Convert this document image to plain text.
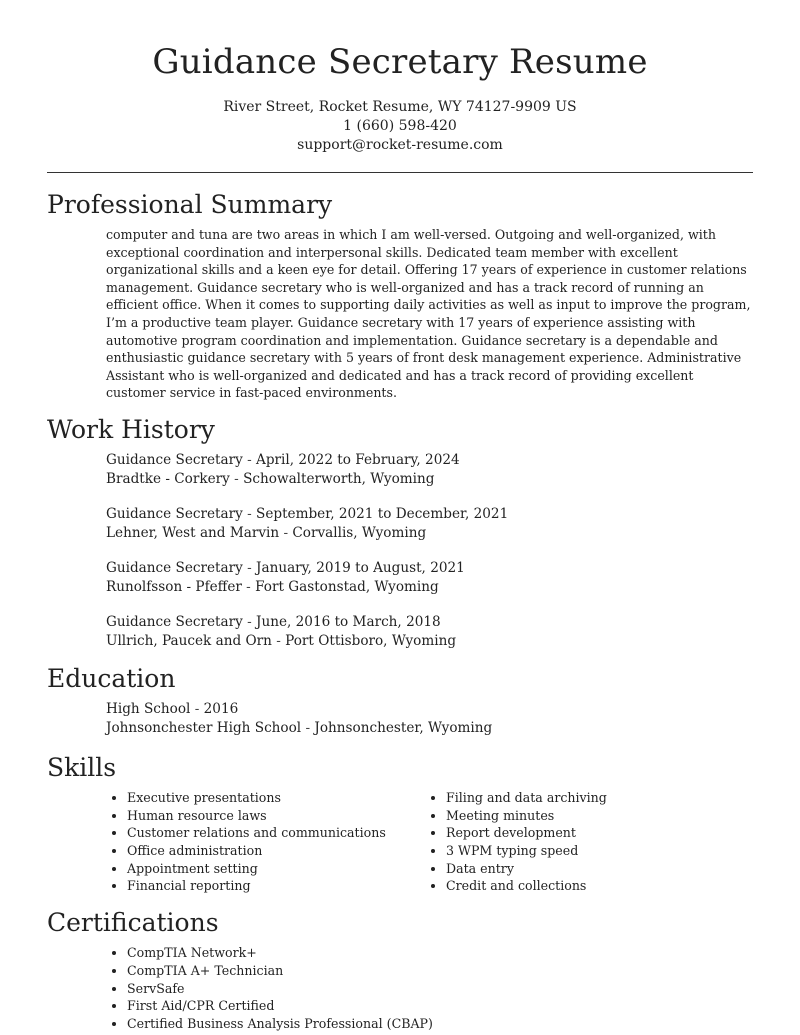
Guidance Secretary Resume

River Street, Rocket Resume, WY 74127-9909 US

1 (660) 598-420

support@rocket-resume.com

Professional Summary

computer and tuna are two areas in which I am well-versed. Outgoing and well-organized, with exceptional coordination and interpersonal skills. Dedicated team member with excellent organizational skills and a keen eye for detail. Offering 17 years of experience in customer relations management. Guidance secretary who is well-organized and has a track record of running an efficient office. When it comes to supporting daily activities as well as input to improve the program, I’m a productive team player. Guidance secretary with 17 years of experience assisting with automotive program coordination and implementation. Guidance secretary is a dependable and enthusiastic guidance secretary with 5 years of front desk management experience. Administrative Assistant who is well-organized and dedicated and has a track record of providing excellent customer service in fast-paced environments.

Work History

Guidance Secretary - April, 2022 to February, 2024

Bradtke - Corkery - Schowalterworth, Wyoming

Guidance Secretary - September, 2021 to December, 2021

Lehner, West and Marvin - Corvallis, Wyoming

Guidance Secretary - January, 2019 to August, 2021

Runolfsson - Pfeffer - Fort Gastonstad, Wyoming

Guidance Secretary - June, 2016 to March, 2018

Ullrich, Paucek and Orn - Port Ottisboro, Wyoming

Education

High School - 2016

Johnsonchester High School - Johnsonchester, Wyoming

Skills
• Executive presentations
• Human resource laws
• Customer relations and communications
• Office administration
• Appointment setting
• Financial reporting
• Filing and data archiving
• Meeting minutes
• Report development
• 3 WPM typing speed
• Data entry
• Credit and collections
Certifications
• CompTIA Network+
• CompTIA A+ Technician
• ServSafe
• First Aid/CPR Certified
• Certified Business Analysis Professional (CBAP)
